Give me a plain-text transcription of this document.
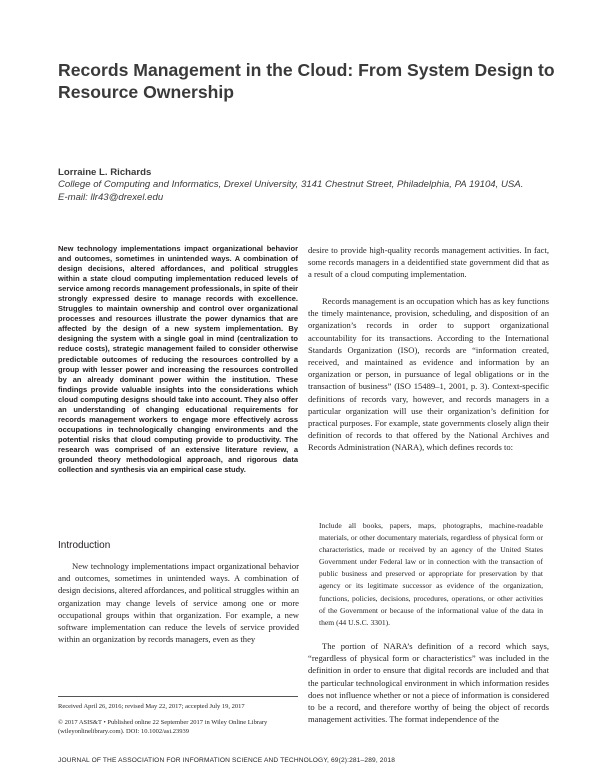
Records Management in the Cloud: From System Design to Resource Ownership
Lorraine L. Richards
College of Computing and Informatics, Drexel University, 3141 Chestnut Street, Philadelphia, PA 19104, USA.
E-mail: llr43@drexel.edu

New technology implementations impact organizational behavior and outcomes, sometimes in unintended ways. A combination of design decisions, altered affordances, and political struggles within a state cloud computing implementation reduced levels of service among records management professionals, in spite of their strongly expressed desire to manage records with excellence. Struggles to maintain ownership and control over organizational processes and resources illustrate the power dynamics that are affected by the design of a new system implementation. By designing the system with a single goal in mind (centralization to reduce costs), strategic management failed to consider otherwise predictable outcomes of reducing the resources controlled by a group with lesser power and increasing the resources controlled by an already dominant power within the institution. These findings provide valuable insights into the considerations which cloud computing designs should take into account. They also offer an understanding of changing educational requirements for records management workers to engage more effectively across occupations in technologically changing environments and the potential risks that cloud computing provide to productivity. The research was comprised of an extensive literature review, a grounded theory methodological approach, and rigorous data collection and synthesis via an empirical case study.

Introduction

New technology implementations impact organizational behavior and outcomes, sometimes in unintended ways. A combination of design decisions, altered affordances, and political struggles within an organization may change levels of service among one or more occupational groups within that organization. For example, a new software implementation can reduce the levels of service provided within an organization by records managers, even as they

Received April 26, 2016; revised May 22, 2017; accepted July 19, 2017

© 2017 ASIS&T • Published online 22 September 2017 in Wiley Online Library (wileyonlinelibrary.com). DOI: 10.1002/asi.23939

desire to provide high-quality records management activities. In fact, some records managers in a deidentified state government did that as a result of a cloud computing implementation.

Records management is an occupation which has as key functions the timely maintenance, provision, scheduling, and disposition of an organization’s records in order to support organizational accountability for its transactions. According to the International Standards Organization (ISO), records are “information created, received, and maintained as evidence and information by an organization or person, in pursuance of legal obligations or in the transaction of business” (ISO 15489–1, 2001, p. 3). Context-specific definitions of records vary, however, and records managers in a particular organization will use their organization’s definition for practical purposes. For example, state governments closely align their definition of records to that offered by the National Archives and Records Administration (NARA), which defines records to:

Include all books, papers, maps, photographs, machine-readable materials, or other documentary materials, regardless of physical form or characteristics, made or received by an agency of the United States Government under Federal law or in connection with the transaction of public business and preserved or appropriate for preservation by that agency or its legitimate successor as evidence of the organization, functions, policies, decisions, procedures, operations, or other activities of the Government or because of the informational value of the data in them (44 U.S.C. 3301).

The portion of NARA’s definition of a record which says, “regardless of physical form or characteristics” was included in the definition in order to ensure that digital records are included and that the particular technological environment in which information resides does not influence whether or not a piece of information is considered to be a record, and therefore worthy of being the object of records management activities. The format independence of the

JOURNAL OF THE ASSOCIATION FOR INFORMATION SCIENCE AND TECHNOLOGY, 69(2):281–289, 2018
